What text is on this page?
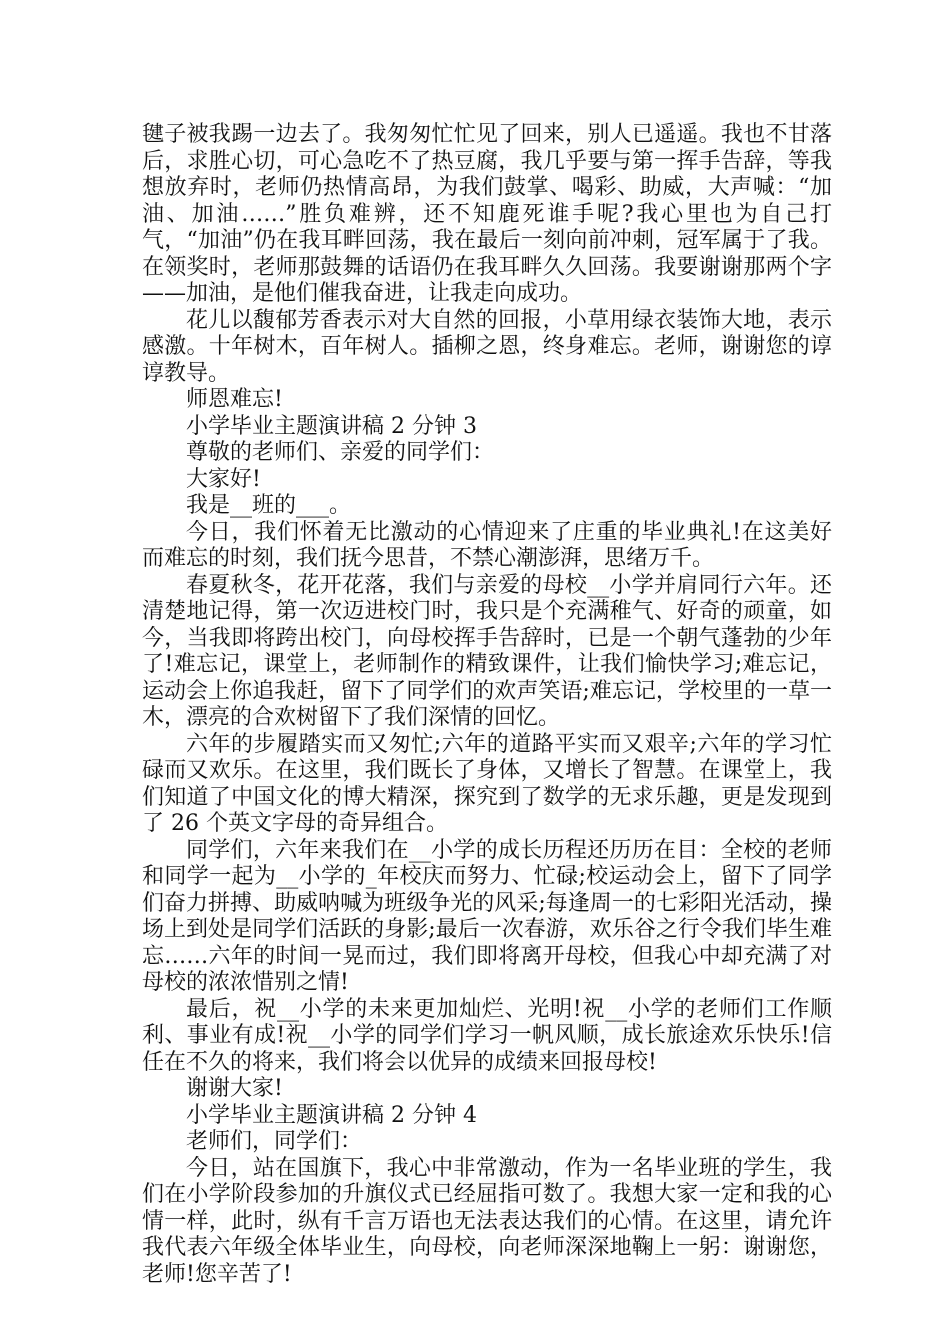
毽子被我踢一边去了。我匆匆忙忙见了回来，别人已遥遥。我也不甘落后，求胜心切，可心急吃不了热豆腐，我几乎要与第一挥手告辞，等我想放弃时，老师仍热情高昂，为我们鼓掌、喝彩、助威，大声喊：“加油、加油……”胜负难辨，还不知鹿死谁手呢?我心里也为自己打气，“加油”仍在我耳畔回荡，我在最后一刻向前冲刺，冠军属于了我。在领奖时，老师那鼓舞的话语仍在我耳畔久久回荡。我要谢谢那两个字——加油，是他们催我奋进，让我走向成功。

花儿以馥郁芳香表示对大自然的回报，小草用绿衣装饰大地，表示感激。十年树木，百年树人。插柳之恩，终身难忘。老师，谢谢您的谆谆教导。

师恩难忘!

小学毕业主题演讲稿 2 分钟 3

尊敬的老师们、亲爱的同学们：

大家好!

我是__班的___。

今日，我们怀着无比激动的心情迎来了庄重的毕业典礼!在这美好而难忘的时刻，我们抚今思昔，不禁心潮澎湃，思绪万千。

春夏秋冬，花开花落，我们与亲爱的母校__小学并肩同行六年。还清楚地记得，第一次迈进校门时，我只是个充满稚气、好奇的顽童，如今，当我即将跨出校门，向母校挥手告辞时，已是一个朝气蓬勃的少年了!难忘记，课堂上，老师制作的精致课件，让我们愉快学习;难忘记，运动会上你追我赶，留下了同学们的欢声笑语;难忘记，学校里的一草一木，漂亮的合欢树留下了我们深情的回忆。

六年的步履踏实而又匆忙;六年的道路平实而又艰辛;六年的学习忙碌而又欢乐。在这里，我们既长了身体，又增长了智慧。在课堂上，我们知道了中国文化的博大精深，探究到了数学的无求乐趣，更是发现到了 26 个英文字母的奇异组合。

同学们，六年来我们在__小学的成长历程还历历在目：全校的老师和同学一起为__小学的_年校庆而努力、忙碌;校运动会上，留下了同学们奋力拼搏、助威呐喊为班级争光的风采;每逢周一的七彩阳光活动，操场上到处是同学们活跃的身影;最后一次春游，欢乐谷之行令我们毕生难忘……六年的时间一晃而过，我们即将离开母校，但我心中却充满了对母校的浓浓惜别之情!

最后，祝__小学的未来更加灿烂、光明!祝__小学的老师们工作顺利、事业有成!祝__小学的同学们学习一帆风顺，成长旅途欢乐快乐!信任在不久的将来，我们将会以优异的成绩来回报母校!

谢谢大家!

小学毕业主题演讲稿 2 分钟 4

老师们，同学们：

今日，站在国旗下，我心中非常激动，作为一名毕业班的学生，我们在小学阶段参加的升旗仪式已经屈指可数了。我想大家一定和我的心情一样，此时，纵有千言万语也无法表达我们的心情。在这里，请允许我代表六年级全体毕业生，向母校，向老师深深地鞠上一躬：谢谢您，老师!您辛苦了!
